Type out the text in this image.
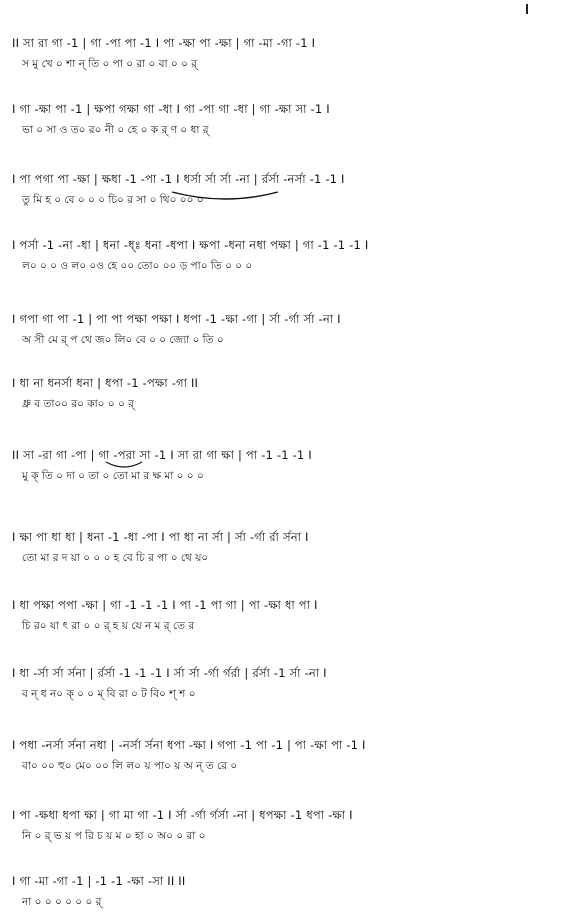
II সা রা গা -1 | গা -পা পা -1 I পা -ক্ষা পা -ক্ষা | গা -মা -গা -1 I
স মু খে ০ শা ন্ তি ০ পা ০ রা ০ বা ০ ০ র্
I গা -ক্ষা পা -1 | ক্ষপা গক্ষা গা -ধা I গা -পা গা -ধা | গা -ক্ষা সা -1 I
ভা ০ সা ও ত০ র০ নী ০ হে ০ ক র্ ণ ০ ধা র্
I পা পগা পা -ক্ষা | ক্ষধা -1 -পা -1 I ধর্সা র্সা র্সা -না | র্রর্সা -নর্সা -1 -1 I
তু মি হ ০ বে ০ ০ ০ চি০ র সা ০ থি০ ০০ ০
I পর্সা -1 -না -ধা | ধনা -ধ্ঃ ধনা -ধপা I ক্ষপা -ধনা নধা পক্ষা | গা -1 -1 -1 I
ল০ ০ ০ ও ল০ ০ও হে ০০ তো০ ০০ ড় পা০ তি ০ ০ ০
I গপা গা পা -1 | পা পা পক্ষা পক্ষা I ধপা -1 -ক্ষা -গা | র্সা -র্গা র্সা -না I
অ সী মে র্ প থে জ০ লি০ বে ০ ০ জ্যো ০ তি ০
I ধা না ধনর্সা ধনা | ধপা -1 -পক্ষা -গা II
ধ্রু ব তা০০ র০ কা০ ০ ০ র্
II সা -রা গা -পা | গা -পরা সা -1 I সা রা গা ক্ষা | পা -1 -1 -1 I
মু ক্ তি ০ দা ০ তা ০ তো মা র ক্ষ মা ০ ০ ০
I ক্ষা পা ধা ধা | ধনা -1 -ধা -পা I পা ধা না র্সা | র্সা -র্গা র্রা র্সনা I
তো মা র দ য়া ০ ০ ০ হ বে চি র পা ০ থে য়০
I ধা পক্ষা পপা -ক্ষা | গা -1 -1 -1 I পা -1 পা গা | পা -ক্ষা ধা পা I
চি র০ যা ৎ রা ০ ০ র্ হ য় যে ন ম র্ তে র
I ধা -র্সা র্সা র্সনা | র্রর্সা -1 -1 -1 I র্সা র্সা -র্গা র্গর্রা | র্রর্সা -1 র্সা -না I
ব ন্ ধ ন০ ক্ ০ ০ ম্ বি রা ০ ট বি০ শ্ শ ০
I পধা -নর্সা র্সনা নধা | -নর্সা র্সনা ধপা -ক্ষা I গপা -1 পা -1 | পা -ক্ষা পা -1 I
বা০ ০০ হু০ মে০ ০০ লি ল০ য় পা০ য় অ ন্ ত রে ০
I পা -ক্ষধা ধপা ক্ষা | গা মা গা -1 I র্সা -র্গা র্গর্সা -না | ধপক্ষা -1 ধপা -ক্ষা I
নি ০ র্ ভ য় প রি চ য় ম ০ হা ০ অ০ ০ রা ০
I গা -মা -গা -1 | -1 -1 -ক্ষা -সা II II
না ০ ০ ০ ০ ০ ০ র্
